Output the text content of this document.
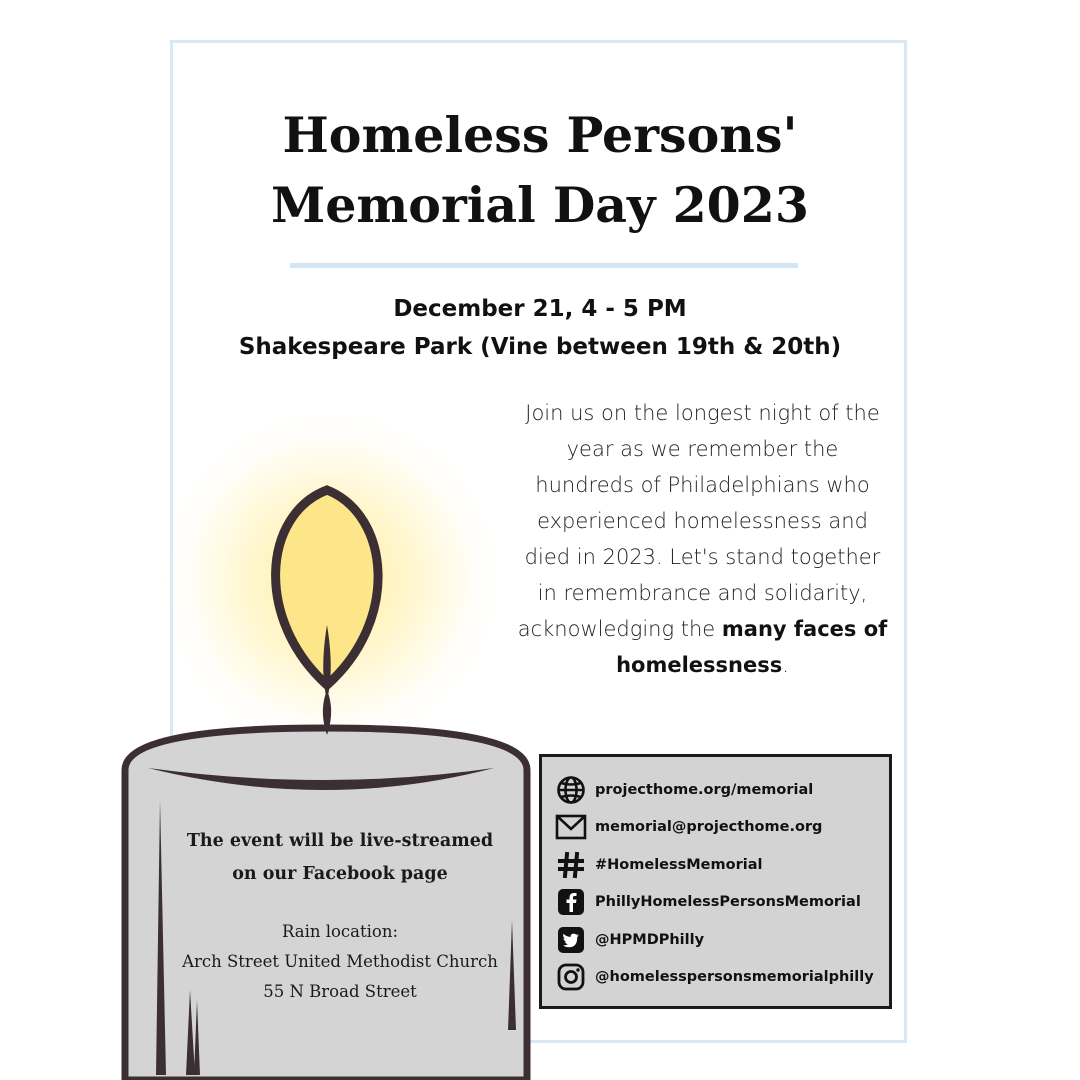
Homeless Persons'
Memorial Day 2023
December 21, 4 - 5 PM
Shakespeare Park (Vine between 19th & 20th)
Join us on the longest night of the year as we remember the hundreds of Philadelphians who experienced homelessness and died in 2023. Let's stand together in remembrance and solidarity, acknowledging the many faces of homelessness.
The event will be live-streamed
on our Facebook page
Rain location:
Arch Street United Methodist Church
55 N Broad Street
projecthome.org/memorial
memorial@projecthome.org
#HomelessMemorial
PhillyHomelessPersonsMemorial
@HPMDPhilly
@homelesspersonsmemorialphilly
